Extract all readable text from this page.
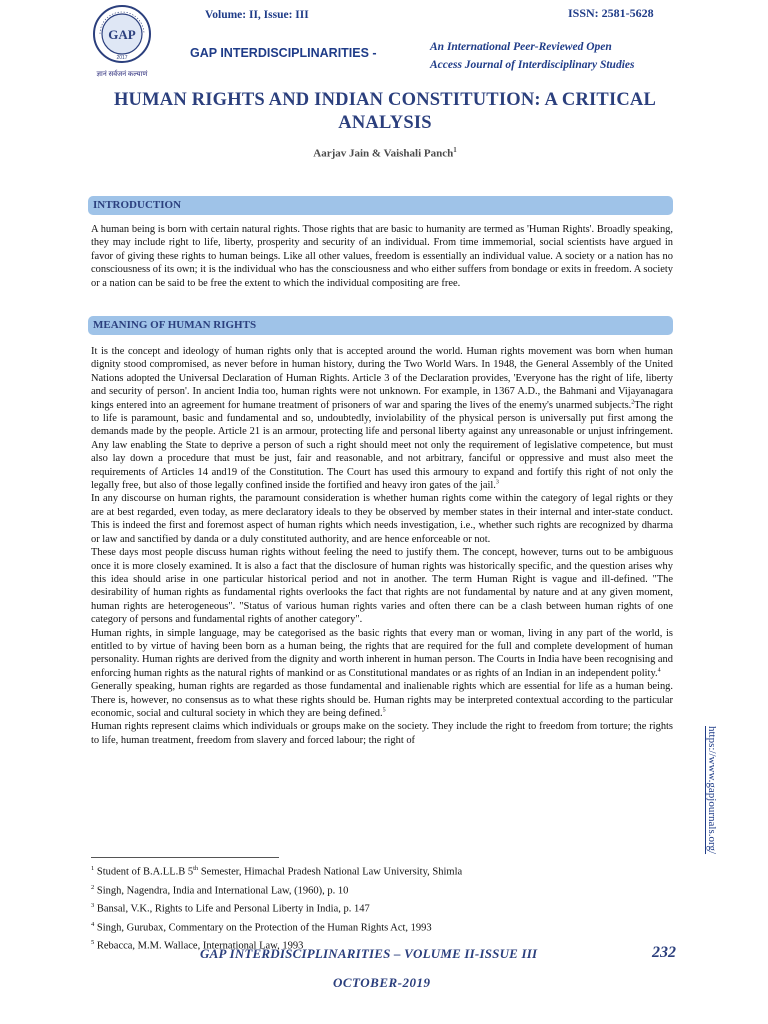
GAP
2017
ज्ञानं सर्वजनं कल्याणं
Volume: II, Issue: III	ISSN: 2581-5628
GAP INTERDISCIPLINARITIES -	An International Peer-Reviewed Open
Access Journal of Interdisciplinary Studies
HUMAN RIGHTS AND INDIAN CONSTITUTION: A CRITICAL
ANALYSIS
Aarjav Jain & Vaishali Panch$^1$
INTRODUCTION

A human being is born with certain natural rights. Those rights that are basic to humanity are termed as 'Human Rights'. Broadly speaking, they may include right to life, liberty, prosperity and security of an individual. From time immemorial, social scientists have argued in favor of giving these rights to human beings. Like all other values, freedom is essentially an individual value. A society or a nation has no consciousness of its own; it is the individual who has the consciousness and who either suffers from bondage or exits in freedom. A society or a nation can be said to be free the extent to which the individual compositing are free.

MEANING OF HUMAN RIGHTS

It is the concept and ideology of human rights only that is accepted around the world. Human rights movement was born when human dignity stood compromised, as never before in human history, during the Two World Wars. In 1948, the General Assembly of the United Nations adopted the Universal Declaration of Human Rights. Article 3 of the Declaration provides, 'Everyone has the right of life, liberty and security of person'. In ancient India too, human rights were not unknown. For example, in 1367 A.D., the Bahmani and Vijayanagara kings entered into an agreement for humane treatment of prisoners of war and sparing the lives of the enemy's unarmed subjects.$^2$The right to life is paramount, basic and fundamental and so, undoubtedly, inviolability of the physical person is universally put first among the demands made by the people. Article 21 is an armour, protecting life and personal liberty against any unreasonable or unjust infringement. Any law enabling the State to deprive a person of such a right should meet not only the requirement of legislative competence, but must also lay down a procedure that must be just, fair and reasonable, and not arbitrary, fanciful or oppressive and must also meet the requirements of Articles 14 and19 of the Constitution. The Court has used this armoury to expand and fortify this right of not only the legally free, but also of those legally confined inside the fortified and heavy iron gates of the jail.$^3$

In any discourse on human rights, the paramount consideration is whether human rights come within the category of legal rights or they are at best regarded, even today, as mere declaratory ideals to they be observed by member states in their internal and inter-state conduct. This is indeed the first and foremost aspect of human rights which needs investigation, i.e., whether such rights are recognized by dharma or law and sanctified by danda or a duly constituted authority, and are hence enforceable or not.

These days most people discuss human rights without feeling the need to justify them. The concept, however, turns out to be ambiguous once it is more closely examined. It is also a fact that the disclosure of human rights was historically specific, and the question arises why this idea should arise in one particular historical period and not in another. The term Human Right is vague and ill-defined. "The desirability of human rights as fundamental rights overlooks the fact that rights are not fundamental by nature and at any given moment, human rights are heterogeneous". "Status of various human rights varies and often there can be a clash between human rights of one category of persons and fundamental rights of another category".

Human rights, in simple language, may be categorised as the basic rights that every man or woman, living in any part of the world, is entitled to by virtue of having been born as a human being, the rights that are required for the full and complete development of human personality. Human rights are derived from the dignity and worth inherent in human person. The Courts in India have been recognising and enforcing human rights as the natural rights of mankind or as Constitutional mandates or as rights of an Indian in an independent polity.$^4$

Generally speaking, human rights are regarded as those fundamental and inalienable rights which are essential for life as a human being. There is, however, no consensus as to what these rights should be. Human rights may be interpreted contextual according to the particular economic, social and cultural society in which they are being defined.$^5$

Human rights represent claims which individuals or groups make on the society. They include the right to freedom from torture; the rights to life, human treatment, freedom from slavery and forced labour; the right of

$^1$ Student of B.A.LL.B 5th Semester, Himachal Pradesh National Law University, Shimla
$^2$ Singh, Nagendra, India and International Law, (1960), p. 10
$^3$ Bansal, V.K., Rights to Life and Personal Liberty in India, p. 147
$^4$ Singh, Gurubax, Commentary on the Protection of the Human Rights Act, 1993
$^5$ Rebacca, M.M. Wallace, International Law, 1993
https://www.gapjournals.org/
GAP INTERDISCIPLINARITIES – VOLUME II-ISSUE III	232
OCTOBER-2019
